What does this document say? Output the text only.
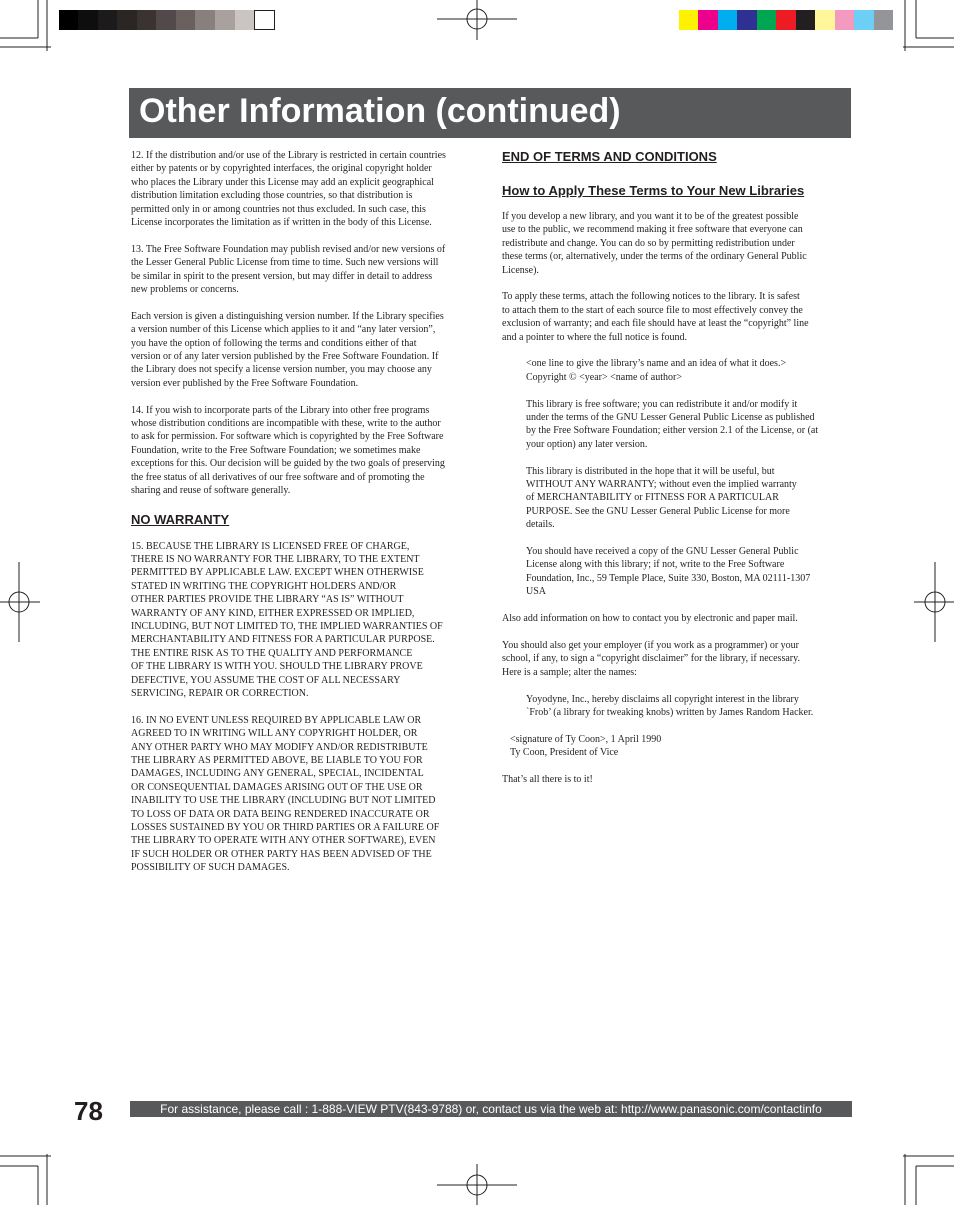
Other Information (continued)

12. If the distribution and/or use of the Library is restricted in certain countries
either by patents or by copyrighted interfaces, the original copyright holder
who places the Library under this License may add an explicit geographical
distribution limitation excluding those countries, so that distribution is
permitted only in or among countries not thus excluded. In such case, this
License incorporates the limitation as if written in the body of this License.

13. The Free Software Foundation may publish revised and/or new versions of
the Lesser General Public License from time to time. Such new versions will
be similar in spirit to the present version, but may differ in detail to address
new problems or concerns.

Each version is given a distinguishing version number. If the Library specifies
a version number of this License which applies to it and “any later version”,
you have the option of following the terms and conditions either of that
version or of any later version published by the Free Software Foundation. If
the Library does not specify a license version number, you may choose any
version ever published by the Free Software Foundation.

14. If you wish to incorporate parts of the Library into other free programs
whose distribution conditions are incompatible with these, write to the author
to ask for permission. For software which is copyrighted by the Free Software
Foundation, write to the Free Software Foundation; we sometimes make
exceptions for this. Our decision will be guided by the two goals of preserving
the free status of all derivatives of our free software and of promoting the
sharing and reuse of software generally.

NO WARRANTY

15. BECAUSE THE LIBRARY IS LICENSED FREE OF CHARGE,
THERE IS NO WARRANTY FOR THE LIBRARY, TO THE EXTENT
PERMITTED BY APPLICABLE LAW. EXCEPT WHEN OTHERWISE
STATED IN WRITING THE COPYRIGHT HOLDERS AND/OR
OTHER PARTIES PROVIDE THE LIBRARY “AS IS” WITHOUT
WARRANTY OF ANY KIND, EITHER EXPRESSED OR IMPLIED,
INCLUDING, BUT NOT LIMITED TO, THE IMPLIED WARRANTIES OF
MERCHANTABILITY AND FITNESS FOR A PARTICULAR PURPOSE.
THE ENTIRE RISK AS TO THE QUALITY AND PERFORMANCE
OF THE LIBRARY IS WITH YOU. SHOULD THE LIBRARY PROVE
DEFECTIVE, YOU ASSUME THE COST OF ALL NECESSARY
SERVICING, REPAIR OR CORRECTION.

16. IN NO EVENT UNLESS REQUIRED BY APPLICABLE LAW OR
AGREED TO IN WRITING WILL ANY COPYRIGHT HOLDER, OR
ANY OTHER PARTY WHO MAY MODIFY AND/OR REDISTRIBUTE
THE LIBRARY AS PERMITTED ABOVE, BE LIABLE TO YOU FOR
DAMAGES, INCLUDING ANY GENERAL, SPECIAL, INCIDENTAL
OR CONSEQUENTIAL DAMAGES ARISING OUT OF THE USE OR
INABILITY TO USE THE LIBRARY (INCLUDING BUT NOT LIMITED
TO LOSS OF DATA OR DATA BEING RENDERED INACCURATE OR
LOSSES SUSTAINED BY YOU OR THIRD PARTIES OR A FAILURE OF
THE LIBRARY TO OPERATE WITH ANY OTHER SOFTWARE), EVEN
IF SUCH HOLDER OR OTHER PARTY HAS BEEN ADVISED OF THE
POSSIBILITY OF SUCH DAMAGES.

END OF TERMS AND CONDITIONS
How to Apply These Terms to Your New Libraries

If you develop a new library, and you want it to be of the greatest possible
use to the public, we recommend making it free software that everyone can
redistribute and change. You can do so by permitting redistribution under
these terms (or, alternatively, under the terms of the ordinary General Public
License).

To apply these terms, attach the following notices to the library. It is safest
to attach them to the start of each source file to most effectively convey the
exclusion of warranty; and each file should have at least the “copyright” line
and a pointer to where the full notice is found.

<one line to give the library’s name and an idea of what it does.>
Copyright © <year> <name of author>

This library is free software; you can redistribute it and/or modify it
under the terms of the GNU Lesser General Public License as published
by the Free Software Foundation; either version 2.1 of the License, or (at
your option) any later version.

This library is distributed in the hope that it will be useful, but
WITHOUT ANY WARRANTY; without even the implied warranty
of MERCHANTABILITY or FITNESS FOR A PARTICULAR
PURPOSE. See the GNU Lesser General Public License for more
details.

You should have received a copy of the GNU Lesser General Public
License along with this library; if not, write to the Free Software
Foundation, Inc., 59 Temple Place, Suite 330, Boston, MA 02111-1307
USA

Also add information on how to contact you by electronic and paper mail.

You should also get your employer (if you work as a programmer) or your
school, if any, to sign a “copyright disclaimer” for the library, if necessary.
Here is a sample; alter the names:

Yoyodyne, Inc., hereby disclaims all copyright interest in the library
`Frob’ (a library for tweaking knobs) written by James Random Hacker.

<signature of Ty Coon>, 1 April 1990
Ty Coon, President of Vice

That’s all there is to it!

78	For assistance, please call : 1-888-VIEW PTV(843-9788) or, contact us via the web at: http://www.panasonic.com/contactinfo
